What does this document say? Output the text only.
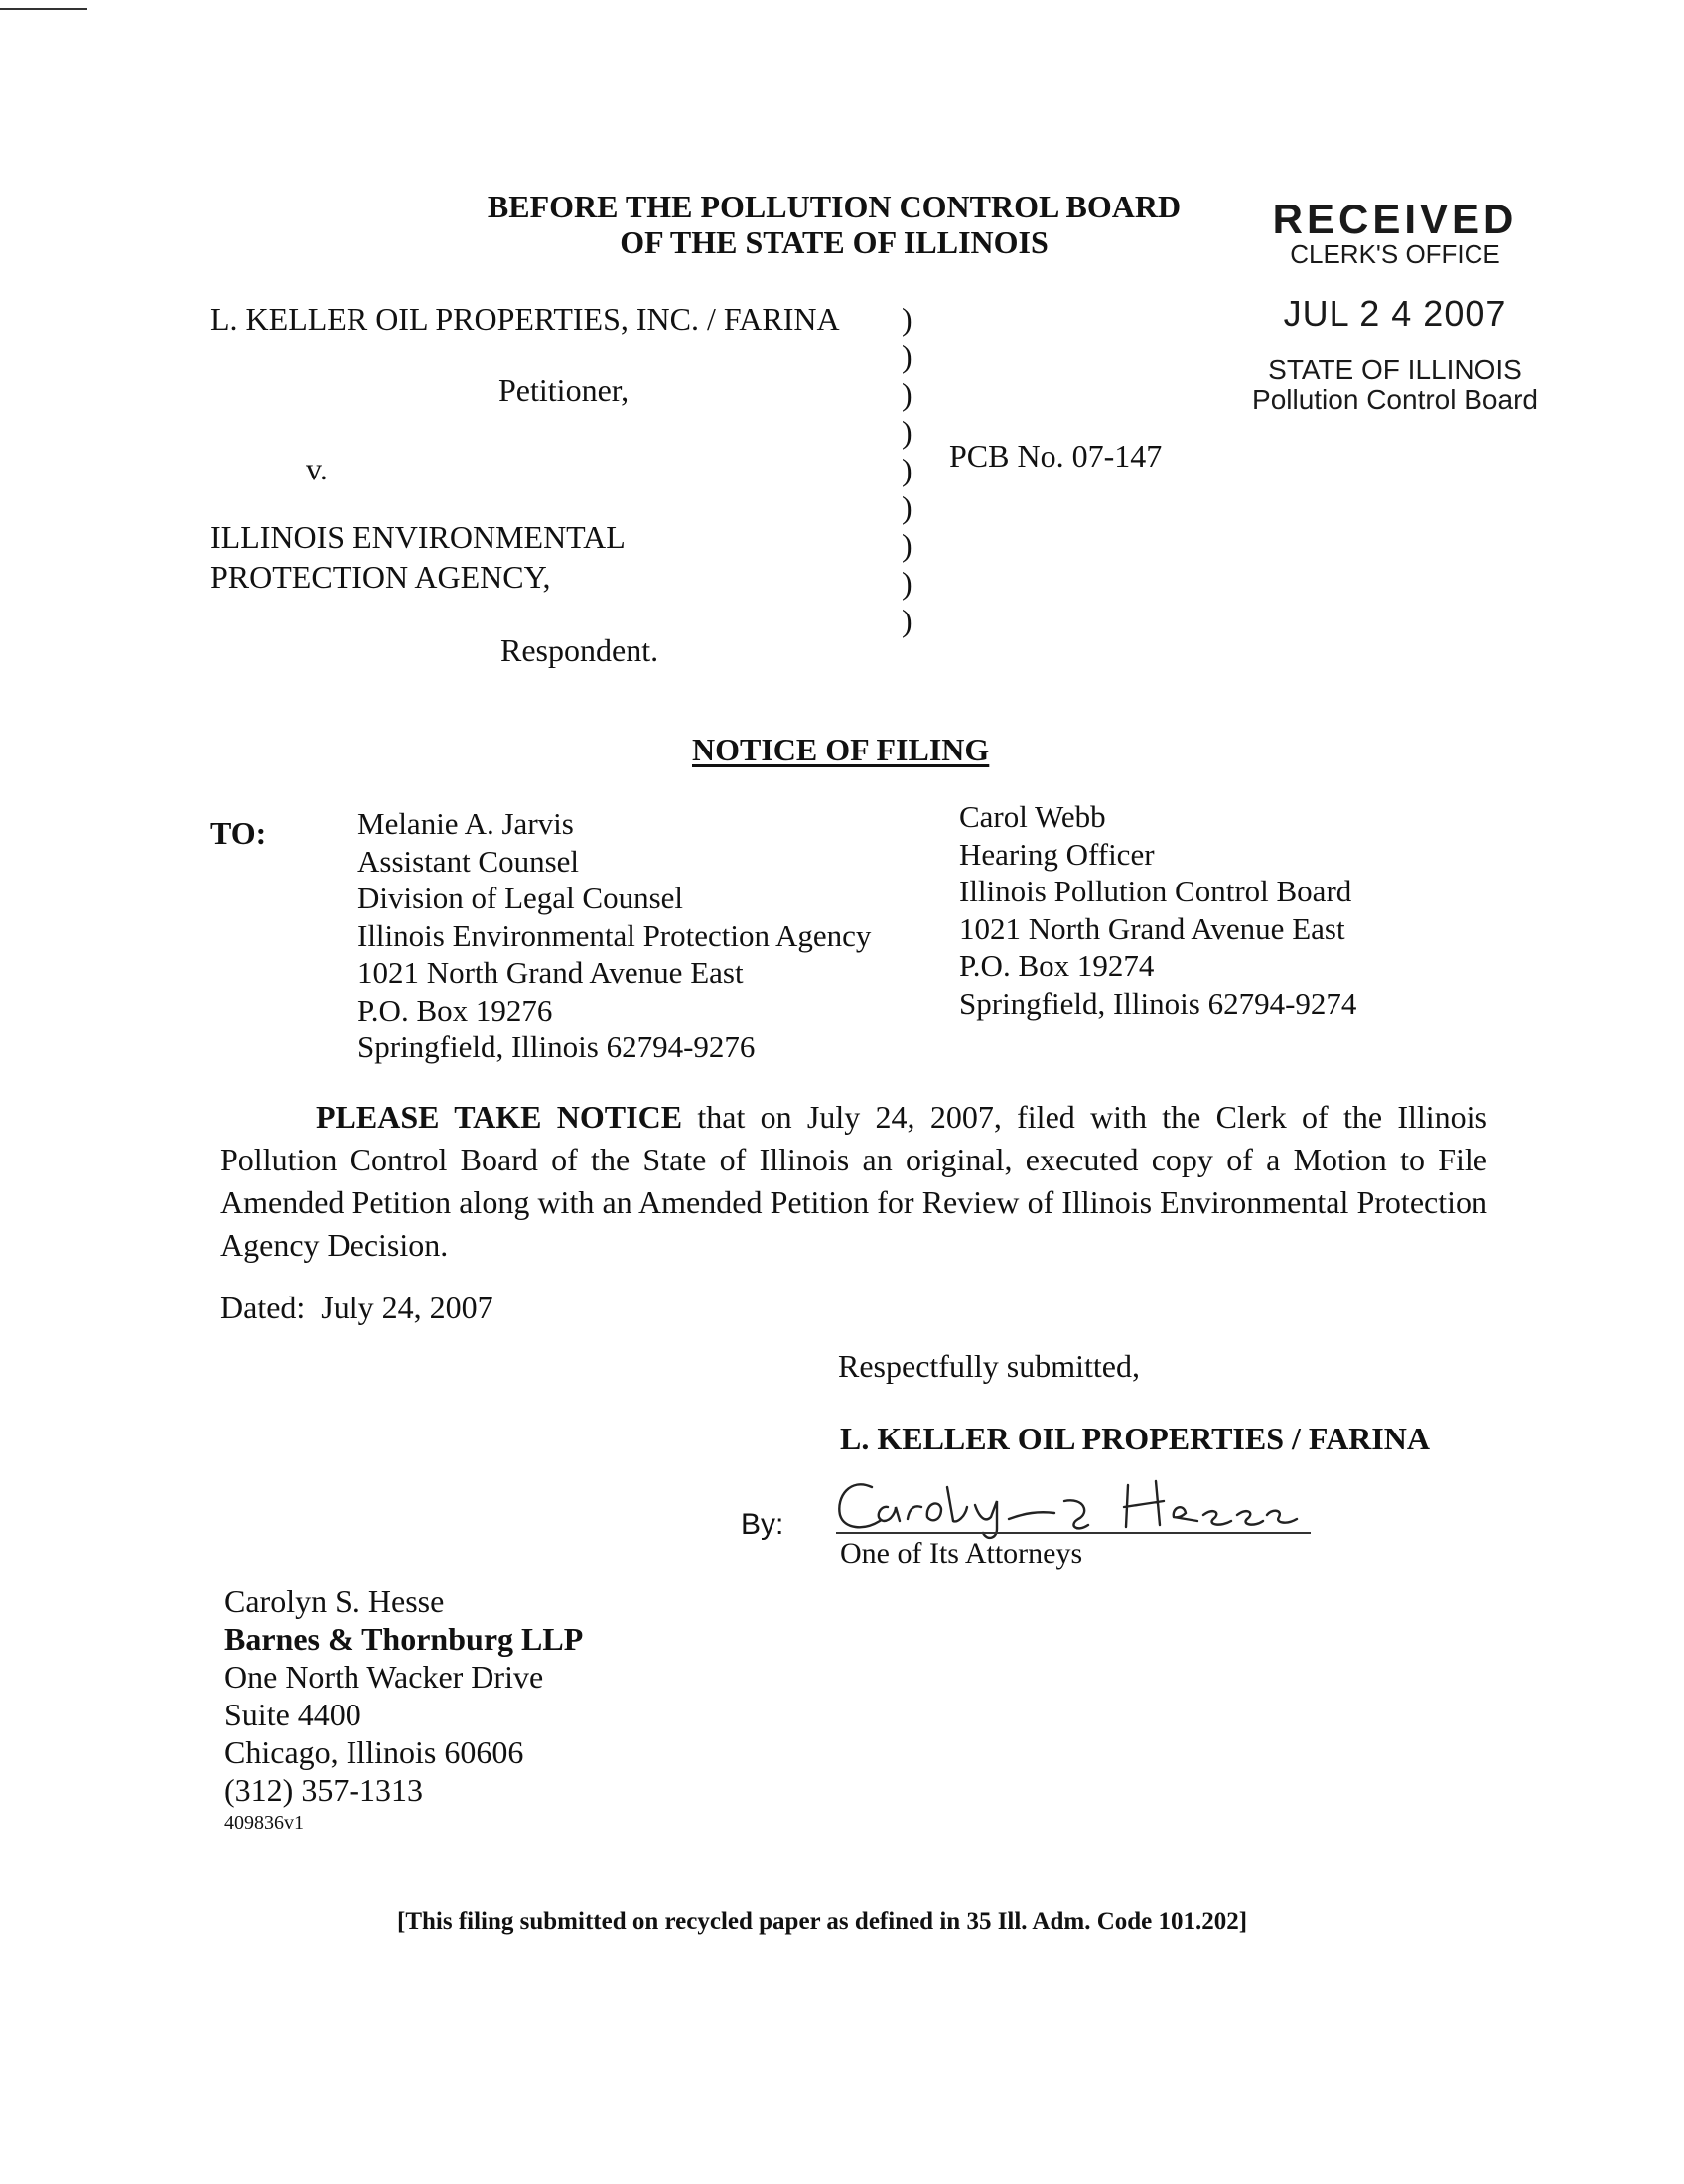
BEFORE THE POLLUTION CONTROL BOARD
OF THE STATE OF ILLINOIS	RECEIVED
CLERK'S OFFICE
JUL 2 4 2007
STATE OF ILLINOIS
Pollution Control Board
L. KELLER OIL PROPERTIES, INC. / FARINA
Petitioner,
v.
ILLINOIS ENVIRONMENTAL
PROTECTION AGENCY,
Respondent.
PCB No. 07-147
)
)
)
)
)
)
)
)
)
NOTICE OF FILING
TO:	Melanie A. Jarvis
Assistant Counsel
Division of Legal Counsel
Illinois Environmental Protection Agency
1021 North Grand Avenue East
P.O. Box 19276
Springfield, Illinois 62794-9276
Carol Webb
Hearing Officer
Illinois Pollution Control Board
1021 North Grand Avenue East
P.O. Box 19274
Springfield, Illinois 62794-9274
PLEASE TAKE NOTICE that on July 24, 2007, filed with the Clerk of the Illinois Pollution Control Board of the State of Illinois an original, executed copy of a Motion to File Amended Petition along with an Amended Petition for Review of Illinois Environmental Protection Agency Decision.
Dated:  July 24, 2007
Respectfully submitted,
L. KELLER OIL PROPERTIES / FARINA
By:
One of Its Attorneys
Carolyn S. Hesse
Barnes & Thornburg LLP
One North Wacker Drive
Suite 4400
Chicago, Illinois 60606
(312) 357-1313
409836v1
[This filing submitted on recycled paper as defined in 35 Ill. Adm. Code 101.202]
